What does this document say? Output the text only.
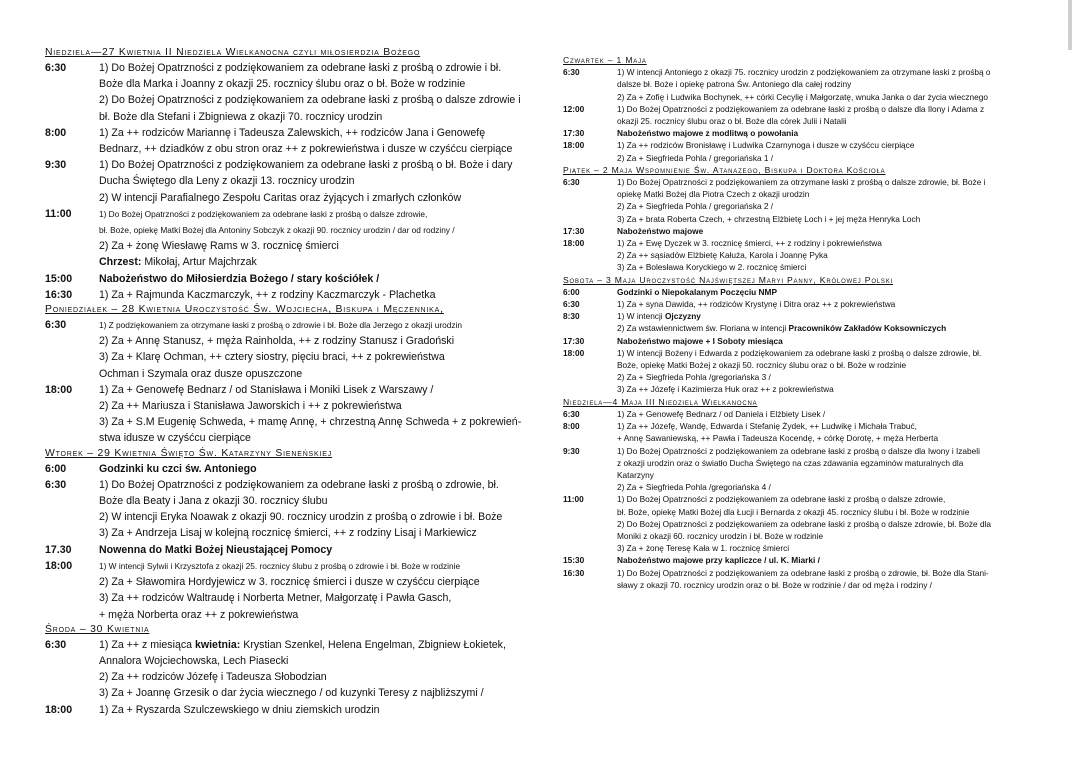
Niedziela—27 Kwietnia II Niedziela Wielkanocna czyli miłosierdzia Bożego
6:30	1) Do Bożej Opatrzności z podziękowaniem za odebrane łaski z prośbą o zdrowie i bł.
Boże dla Marka i Joanny z okazji 25. rocznicy ślubu oraz o bł. Boże w rodzinie
2) Do Bożej Opatrzności z podziękowaniem za odebrane łaski z prośbą o dalsze zdrowie i
bł. Boże dla Stefani i Zbigniewa z okazji 70. rocznicy urodzin
8:00	1) Za ++ rodziców Mariannę i Tadeusza Zalewskich, ++ rodziców Jana i Genowefę
Bednarz, ++ dziadków z obu stron oraz ++ z pokrewieństwa i dusze w czyśćcu cierpiące
9:30	1) Do Bożej Opatrzności z podziękowaniem za odebrane łaski z prośbą o bł. Boże i dary
Ducha Świętego dla Leny z okazji 13. rocznicy urodzin
2) W intencji Parafialnego Zespołu Caritas oraz żyjących i zmarłych członków
11:00	1) Do Bożej Opatrzności z podziękowaniem za odebrane łaski z prośbą o dalsze zdrowie,
bł. Boże, opiekę Matki Bożej dla Antoniny Sobczyk z okazji 90. rocznicy urodzin / dar od rodziny /
2) Za + żonę Wiesławę Rams w 3. rocznicę śmierci
Chrzest: Mikołaj, Artur Majchrzak
15:00	Nabożeństwo do Miłosierdzia Bożego / stary kościółek /
16:30	1) Za + Rajmunda Kaczmarczyk, ++ z rodziny Kaczmarczyk - Plachetka
Poniedziałek – 28 Kwietnia Uroczystość Św. Wojciecha, Biskupa i Męczennika,
6:30	1) Z podziękowaniem za otrzymane łaski z prośbą o zdrowie i bł. Boże dla Jerzego z okazji urodzin
2) Za + Annę Stanusz, + męża Rainholda, ++ z rodziny Stanusz i Gradoński
3) Za + Klarę Ochman, ++ cztery siostry, pięciu braci, ++ z pokrewieństwa
Ochman i Szymala oraz dusze opuszczone
18:00	1) Za + Genowefę Bednarz / od Stanisława i Moniki Lisek z Warszawy /
2) Za ++ Mariusza i Stanisława Jaworskich i ++ z pokrewieństwa
3) Za + S.M Eugenię Schweda, + mamę Annę, + chrzestną Annę Schweda + z pokrewień-
stwa idusze w czyśćcu cierpiące
Wtorek – 29 Kwietnia Święto Św. Katarzyny Sieneńskiej
6:00	Godzinki ku czci św. Antoniego
6:30	1) Do Bożej Opatrzności z podziękowaniem za odebrane łaski z prośbą o zdrowie, bł.
Boże dla Beaty i Jana z okazji 30. rocznicy ślubu
2) W intencji Eryka Noawak z okazji 90. rocznicy urodzin z prośbą o zdrowie i bł. Boże
3) Za + Andrzeja Lisaj w kolejną rocznicę śmierci, ++ z rodziny Lisaj i Markiewicz
17.30	Nowenna do Matki Bożej Nieustającej Pomocy
18:00	1) W intencji Sylwii i Krzysztofa z okazji 25. rocznicy ślubu z prośbą o zdrowie i bł. Boże w rodzinie
2) Za + Sławomira Hordyjewicz w 3. rocznicę śmierci i dusze w czyśćcu cierpiące
3) Za ++ rodziców Waltraudę i Norberta Metner, Małgorzatę i Pawła Gasch,
+ męża Norberta oraz ++ z pokrewieństwa
Środa – 30 Kwietnia
6:30	1) Za ++ z miesiąca kwietnia: Krystian Szenkel, Helena Engelman, Zbigniew Łokietek,
Annalora Wojciechowska, Lech Piasecki
2) Za ++ rodziców Józefę i Tadeusza Słobodzian
3) Za + Joannę Grzesik o dar życia wiecznego / od kuzynki Teresy z najbliższymi /
18:00	1) Za + Ryszarda Szulczewskiego w dniu ziemskich urodzin
Czwartek – 1 Maja
6:30	1) W intencji Antoniego z okazji 75. rocznicy urodzin z podziękowaniem za otrzymane łaski z prośbą o
dalsze bł. Boże i opiekę patrona Św. Antoniego dla całej rodziny
2) Za + Zofię i Ludwika Bochynek, ++ córki Cecylię i Małgorzatę, wnuka Janka o dar życia wiecznego
12:00	1) Do Bożej Opatrzności z podziękowaniem za odebrane łaski z prośbą o dalsze dla Ilony i Adama z
okazji 25. rocznicy ślubu oraz o bł. Boże dla córek Julii i Natalii
17:30	Nabożeństwo majowe z modlitwą o powołania
18:00	1) Za ++ rodziców Bronisławę i Ludwika Czarnynoga i dusze w czyśćcu cierpiące
2) Za + Siegfrieda Pohla / gregoriańska 1 /
Piątek – 2 Maja Wspomnienie Św. Atanazego, Biskupa i Doktora Kościoła
6:30	1) Do Bożej Opatrzności z podziękowaniem za otrzymane łaski z prośbą o dalsze zdrowie, bł. Boże i
opiekę Matki Bożej dla Piotra Czech z okazji urodzin
2) Za + Siegfrieda Pohla / gregoriańska 2 /
3) Za + brata Roberta Czech, + chrzestną Elżbietę Loch i + jej męża Henryka Loch
17:30	Nabożeństwo majowe
18:00	1) Za + Ewę Dyczek w 3. rocznicę śmierci, ++ z rodziny i pokrewieństwa
2) Za ++ sąsiadów Elżbietę Kałuża, Karola i Joannę Pyka
3) Za + Bolesława Koryckiego w 2. rocznicę śmierci
Sobota – 3 Maja Uroczystość Najświętszej Maryi Panny, Królowej Polski
6:00	Godzinki o Niepokalanym Poczęciu NMP
6:30	1) Za + syna Dawida, ++ rodziców Krystynę i Ditra oraz ++ z pokrewieństwa
8:30	1) W intencji Ojczyzny
2) Za wstawiennictwem św. Floriana w intencji Pracowników Zakładów Koksowniczych
17:30	Nabożeństwo majowe + I Soboty miesiąca
18:00	1) W intencji Bożeny i Edwarda z podziękowaniem za odebrane łaski z prośbą o dalsze zdrowie, bł.
Boże, opiekę Matki Bożej z okazji 50. rocznicy ślubu oraz o bł. Boże w rodzinie
2) Za + Siegfrieda Pohla /gregoriańska 3 /
3) Za ++ Józefę i Kazimierza Huk oraz ++ z pokrewieństwa
Niedziela—4 Maja III Niedziela Wielkanocna
6:30	1) Za + Genowefę Bednarz / od Daniela i Elżbiety Lisek /
8:00	1) Za ++ Józefę, Wandę, Edwarda i Stefanię Żydek, ++ Ludwikę i Michała Trabuć,
+ Annę Sawaniewską, ++ Pawła i Tadeusza Kocendę, + córkę Dorotę, + męża Herberta
9:30	1) Do Bożej Opatrzności z podziękowaniem za odebrane łaski z prośbą o dalsze dla Iwony i Izabeli
z okazji urodzin oraz o światło Ducha Świętego na czas zdawania egzaminów maturalnych dla
Katarzyny
2) Za + Siegfrieda Pohla /gregoriańska 4 /
11:00	1) Do Bożej Opatrzności z podziękowaniem za odebrane łaski z prośbą o dalsze zdrowie,
bł. Boże, opiekę Matki Bożej dla Łucji i Bernarda z okazji 45. rocznicy ślubu i bł. Boże w rodzinie
2) Do Bożej Opatrzności z podziękowaniem za odebrane łaski z prośbą o dalsze zdrowie, bł. Boże dla
Moniki z okazji 60. rocznicy urodzin i bł. Boże w rodzinie
3) Za + żonę Teresę Kała w 1. rocznicę śmierci
15:30	Nabożeństwo majowe przy kapliczce / ul. K. Miarki /
16:30	1) Do Bożej Opatrzności z podziękowaniem za odebrane łaski z prośbą o zdrowie, bł. Boże dla Stani-
sławy z okazji 70. rocznicy urodzin oraz o bł. Boże w rodzinie / dar od męża i rodziny /
